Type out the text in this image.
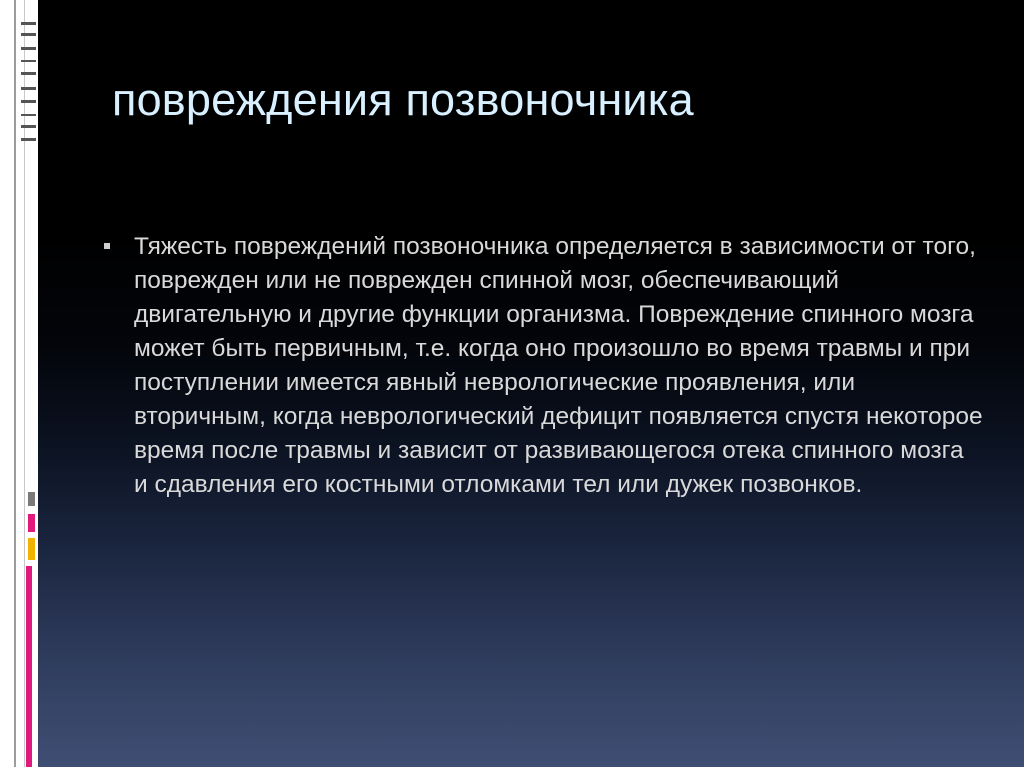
повреждения позвоночника
Тяжесть повреждений позвоночника определяется в зависимости от того, поврежден или не поврежден спинной мозг, обеспечивающий двигательную и другие функции организма. Повреждение спинного мозга может быть первичным, т.е. когда оно произошло во время травмы и при поступлении имеется явный неврологические проявления, или вторичным, когда неврологический дефицит появляется спустя некоторое время после травмы и зависит от развивающегося отека спинного мозга и сдавления его костными отломками тел или дужек позвонков.
